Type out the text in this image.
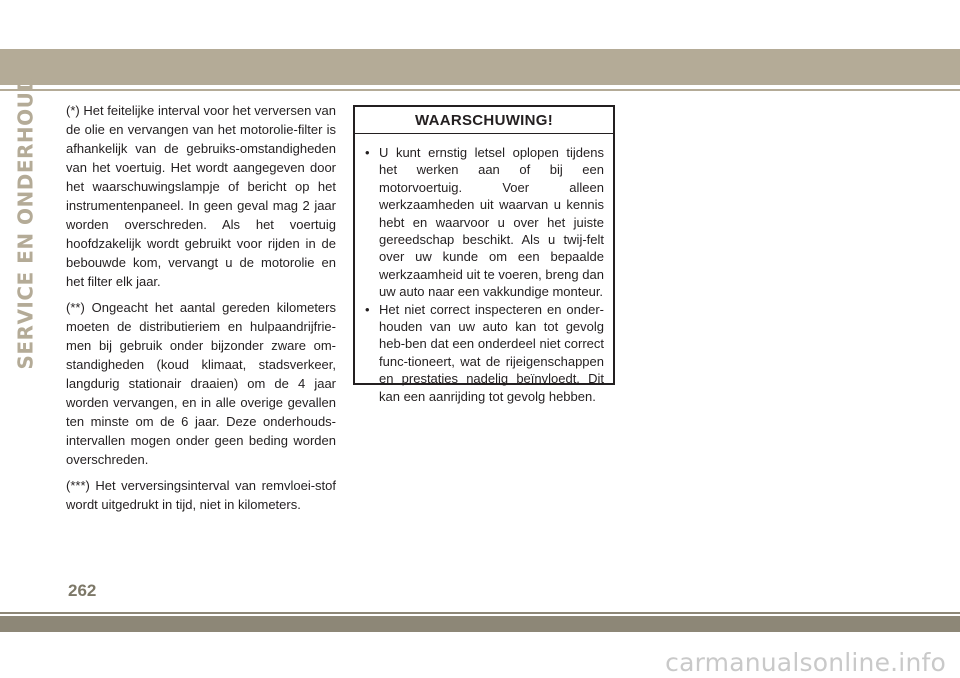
SERVICE EN ONDERHOUD (*) Het feitelijke interval voor het verversen van de olie en vervangen van het motorolie-filter is afhankelijk van de gebruiks-omstandigheden van het voertuig. Het wordt aangegeven door het waarschuwingslampje of bericht op het instrumentenpaneel. In geen geval mag 2 jaar worden overschreden. Als het voertuig hoofdzakelijk wordt gebruikt voor rijden in de bebouwde kom, vervangt u de motorolie en het filter elk jaar.

(**) Ongeacht het aantal gereden kilometers moeten de distributieriem en hulpaandrijfrie-men bij gebruik onder bijzonder zware om-standigheden (koud klimaat, stadsverkeer, langdurig stationair draaien) om de 4 jaar worden vervangen, en in alle overige gevallen ten minste om de 6 jaar. Deze onderhouds-intervallen mogen onder geen beding worden overschreden.

(***) Het verversingsinterval van remvloei-stof wordt uitgedrukt in tijd, niet in kilometers.

WAARSCHUWING!
• U kunt ernstig letsel oplopen tijdens het werken aan of bij een motorvoertuig. Voer alleen werkzaamheden uit waarvan u kennis hebt en waarvoor u over het juiste gereedschap beschikt. Als u twij-felt over uw kunde om een bepaalde werkzaamheid uit te voeren, breng dan uw auto naar een vakkundige monteur.
• Het niet correct inspecteren en onder-houden van uw auto kan tot gevolg heb-ben dat een onderdeel niet correct func-tioneert, wat de rijeigenschappen en prestaties nadelig beïnvloedt. Dit kan een aanrijding tot gevolg hebben.
262
carmanualsonline.info
